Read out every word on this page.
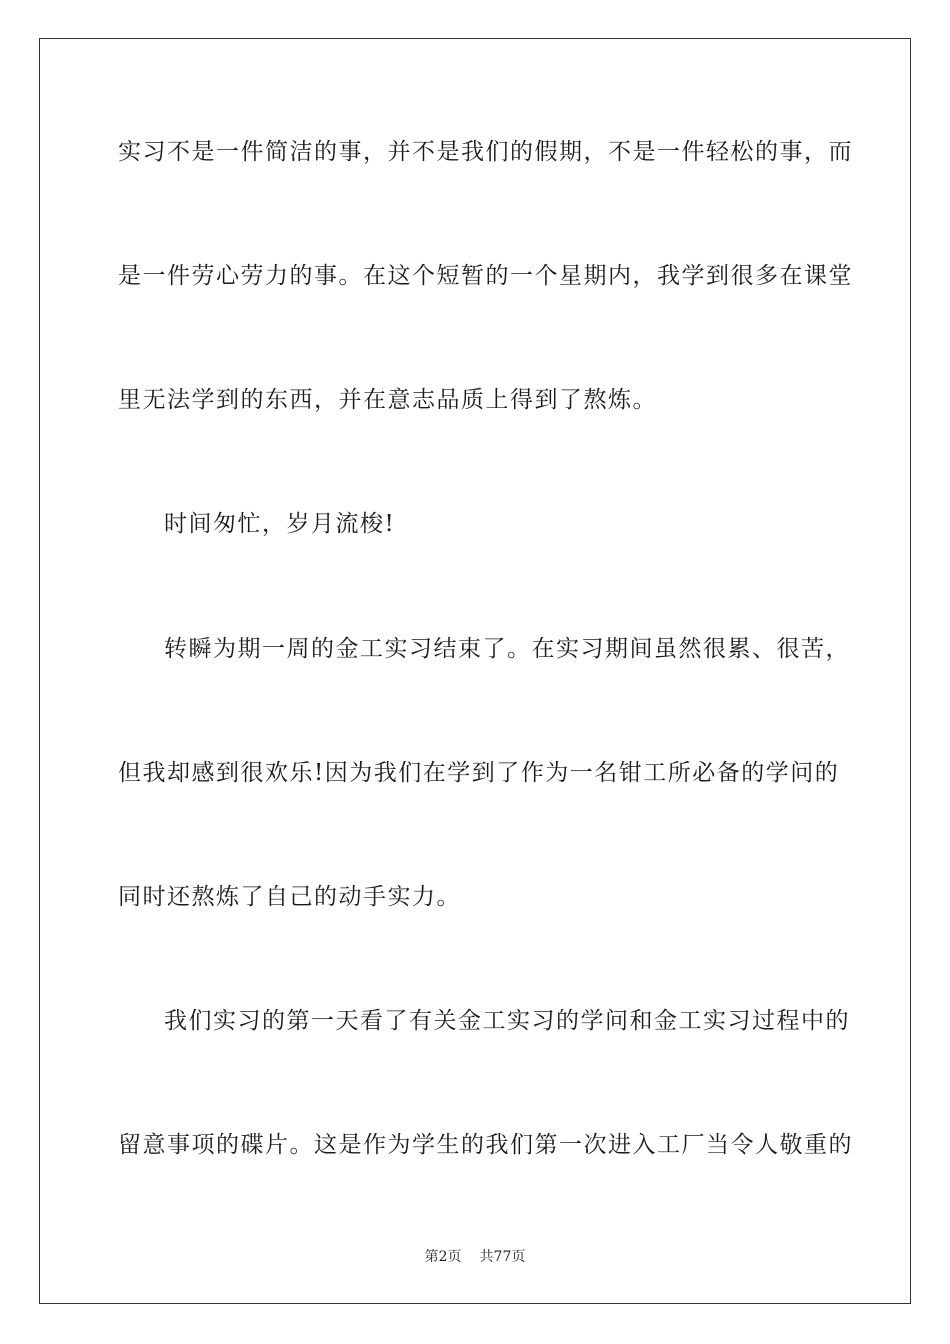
实习不是一件简洁的事，并不是我们的假期，不是一件轻松的事，而
是一件劳心劳力的事。在这个短暂的一个星期内，我学到很多在课堂
里无法学到的东西，并在意志品质上得到了熬炼。
时间匆忙，岁月流梭!
转瞬为期一周的金工实习结束了。在实习期间虽然很累、很苦，
但我却感到很欢乐!因为我们在学到了作为一名钳工所必备的学问的
同时还熬炼了自己的动手实力。
我们实习的第一天看了有关金工实习的学问和金工实习过程中的
留意事项的碟片。这是作为学生的我们第一次进入工厂当令人敬重的
第2页 共77页
